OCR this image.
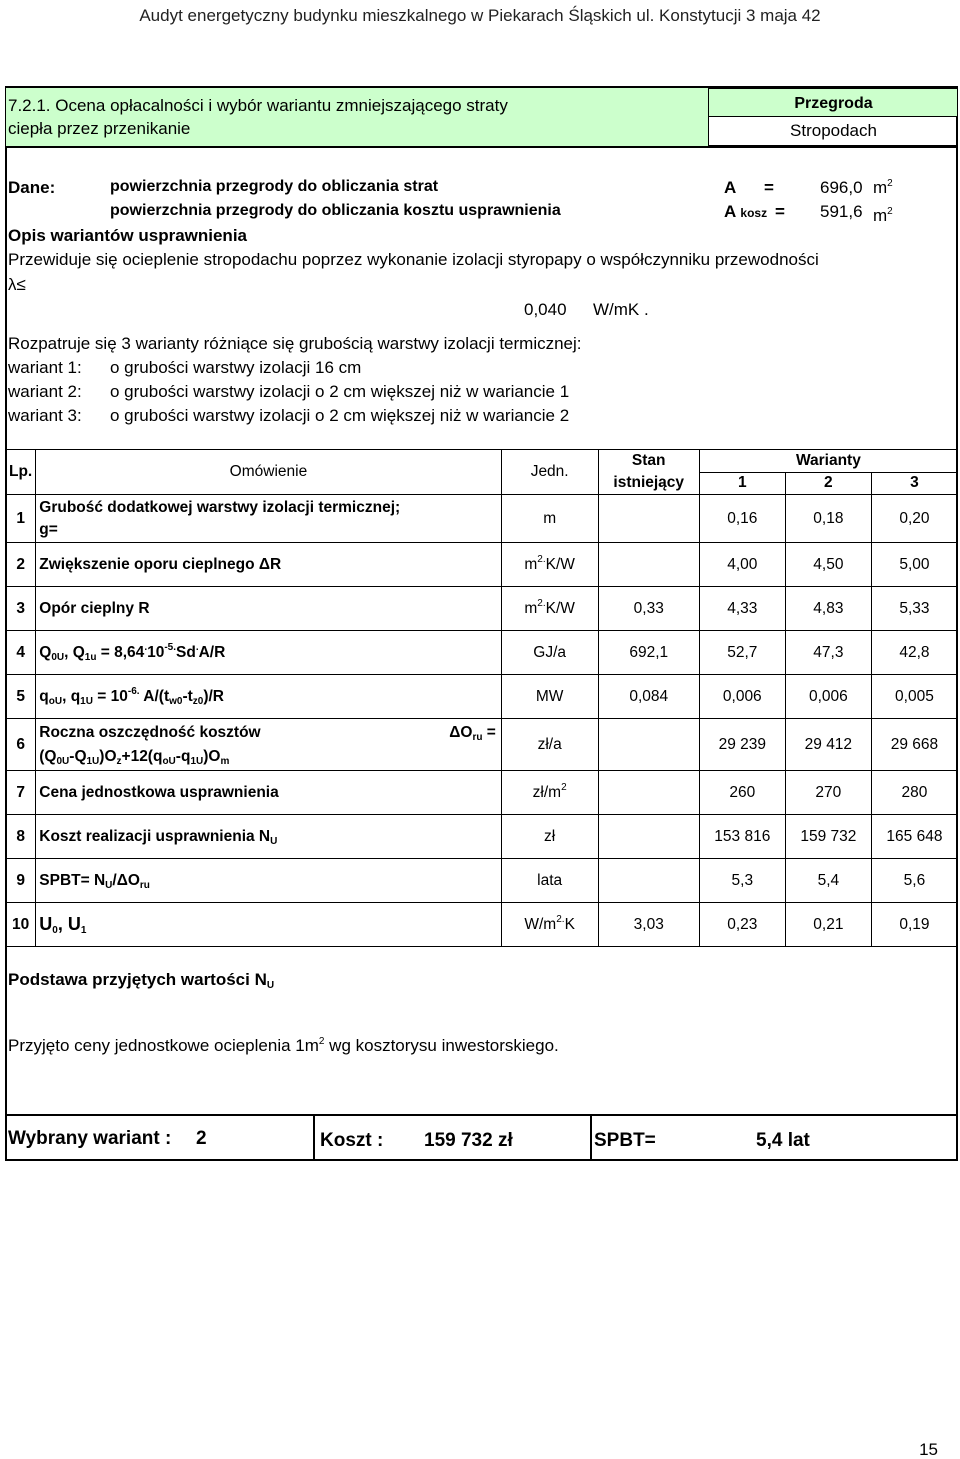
Audyt energetyczny budynku mieszkalnego w Piekarach Śląskich ul. Konstytucji 3 maja 42
7.2.1. Ocena opłacalności i wybór wariantu zmniejszającego straty
ciepła przez przenikanie
Przegroda
Stropodach
Dane:	powierzchnia przegrody do obliczania strat	A =	696,0 $m^2$
powierzchnia przegrody do obliczania kosztu usprawnienia	A kosz = 591,6 $m^2$
Opis wariantów usprawnienia
Przewiduje się ocieplenie stropodachu poprzez wykonanie izolacji styropapy o współczynniku przewodności
λ≤
0,040 W/mK .
Rozpatruje się 3 warianty różniące się grubością warstwy izolacji termicznej:
wariant 1: o grubości warstwy izolacji 16 cm
wariant 2: o grubości warstwy izolacji o 2 cm większej niż w wariancie 1
wariant 3: o grubości warstwy izolacji o 2 cm większej niż w wariancie 2
Lp.	Omówienie	Jedn.	Stan
istniejący	Warianty		
				1	2	3
1	Grubość dodatkowej warstwy izolacji termicznej;
g=	m		0,16	0,18	0,20
2	Zwiększenie oporu cieplnego ΔR	$m^{2.}K/W$		4,00	4,50	5,00
3	Opór cieplny R	$m^{2.}K/W$	0,33	4,33	4,83	5,33
4	$Q_{0U}$, $Q_{1u} = 8,64^.10^{-5.}Sd^.A/R$	GJ/a	692,1	52,7	47,3	42,8
5	$q_{oU}$, $q_{1U} = 10^{-6.}$ $A/(t_{w0}-t_{z0})/R$	MW	0,084	0,006	0,006	0,005
6	Roczna oszczędność kosztów $\Delta O_{ru}$ =
$(Q_{0U}-Q_{1U})O_z+12(q_{oU}-q_{1U})O_m$	zł/a		29 239	29 412	29 668
7	Cena jednostkowa usprawnienia	$zł/m^2$		260	270	280
8	Koszt realizacji usprawnienia $N_U$	zł		153 816	159 732	165 648
9	SPBT= $N_U/\Delta O_{ru}$	lata		5,3	5,4	5,6
10	$U_0$, $U_1$	$W/m^{2.}K$	3,03	0,23	0,21	0,19
Podstawa przyjętych wartości $N_U$
Przyjęto ceny jednostkowe ocieplenia $1m^2$ wg kosztorysu inwestorskiego.
Wybrany wariant : 2	Koszt : 159 732 zł	SPBT=	5,4 lat
15
